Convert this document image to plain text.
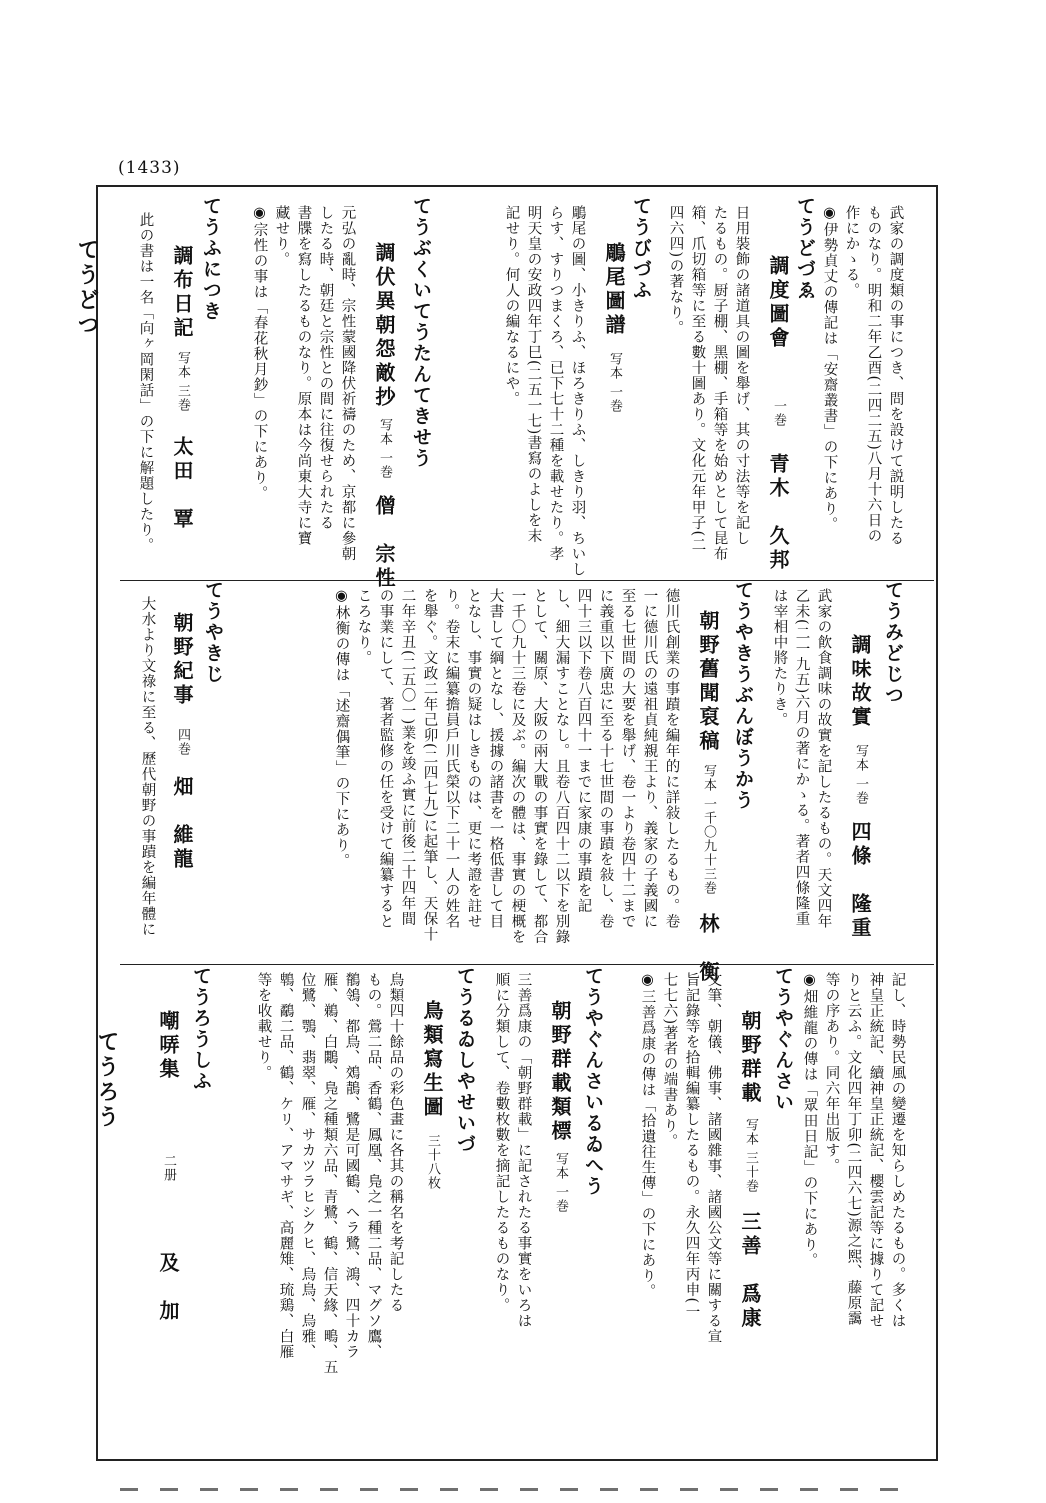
(1433)
てうどつ
てうろう
武家の調度類の事につき、問を設けて説明したる
ものなり。明和二年乙酉(二四二五)八月十六日の
作にかゝる。
◉伊勢貞丈の傳記は「安齋叢書」の下にあり。
てうどづゑ
調度圖會一巻青木　久邦
日用裝飾の諸道具の圖を舉げ、其の寸法等を記し
たるもの。厨子棚、黑棚、手箱等を始めとして昆布
箱、爪切箱等に至る數十圖あり。文化元年甲子(二
四六四)の著なり。
てうびづふ
鵰尾圖譜写本 一巻
鵰尾の圖、小きりふ、ほろきりふ、しきり羽、ちいし
らす、すりつまくろ、已下七十二種を載せたり。孝
明天皇の安政四年丁巳(二五一七)書寫のよしを末
記せり。何人の編なるにや。
てうぶくいてうたんてきせう
調伏異朝怨敵抄写本 一巻僧　宗性
元弘の亂時、宗性蒙國降伏祈禱のため、京都に參朝
したる時、朝廷と宗性との間に往復せられたる
書牒を寫したるものなり。原本は今尚東大寺に寶
藏せり。
◉宗性の事は「春花秋月鈔」の下にあり。
てうふにつき
調布日記写本 三巻太田　覃
此の書は一名「向ヶ岡閑話」の下に解題したり。
てうみどじつ
調味故實写本 一巻四條　隆重
武家の飮食調味の故實を記したるもの。天文四年
乙未(二一九五)六月の著にかゝる。著者四條隆重
は宰相中將たりき。
てうやきうぶんぼうかう
朝野舊聞裒稿写本 一千〇九十三巻林　衡
德川氏創業の事蹟を編年的に詳敍したるもの。卷
一に德川氏の遠祖貞純親王より、義家の子義國に
至る七世間の大要を舉げ、卷一より卷四十二まで
に義重以下廣忠に至る十七世間の事蹟を敍し、卷
四十三以下卷八百四十一までに家康の事蹟を記
し、細大漏すことなし。且卷八百四十二以下を別錄
として、關原、大阪の兩大戰の事實を錄して、都合
一千〇九十三卷に及ぶ。編次の體は、事實の梗概を
大書して綱となし、援據の諸書を一格低書して目
となし、事實の疑はしきものは、更に考證を註せ
り。卷末に編纂擔員戶川氏榮以下二十一人の姓名
を舉ぐ。文政二年己卯(二四七九)に起筆し、天保十
二年辛丑(二五〇一)業を竣ふ實に前後二十四年間
の事業にして、著者監修の任を受けて編纂すると
ころなり。
◉林衡の傳は「述齋偶筆」の下にあり。
てうやきじ
朝野紀事四巻畑　維龍
大水より文祿に至る、歷代朝野の事蹟を編年體に
記し、時勢民風の變遷を知らしめたるもの。多くは
神皇正統記、續神皇正統記、櫻雲記等に據りて記せ
りと云ふ。文化四年丁卯(二四六七)源之熙、藤原靄
等の序あり。同六年出版す。
◉畑維龍の傳は「眾田日記」の下にあり。
てうやぐんさい
朝野群載写本 三十巻三善　爲康
文筆、朝儀、佛事、諸國雜事、諸國公文等に關する宣
旨記錄等を拾輯編纂したるもの。永久四年丙申(一
七七六)著者の端書あり。
◉三善爲康の傳は「拾遺往生傳」の下にあり。
てうやぐんさいるゐへう
朝野群載類標写本 一巻
三善爲康の「朝野群載」に記されたる事實をいろは
順に分類して、卷數枚數を摘記したるものなり。
てうるゐしやせいづ
鳥類寫生圖三十八枚
鳥類四十餘品の彩色畫に各其の稱名を考記したる
もの。鶯二品、香鶴、鳳凰、鳬之一種二品、マグソ鷹、
鶺鴒、都鳥、鵁鶄、鷺是可國鶴、ヘラ鷺、鴻、四十カラ
雁、鵜、白鷴、鳬之種類六品、青鷺、鶴、信天緣、鴫、五
位鷺、鶚、翡翠、雁、サカツラヒシクヒ、烏鳥、烏雅、
鵯、鷸二品、鶴、ケリ、アマサギ、高麗雉、琉鶏、白雁
等を收載せり。
てうろうしふ
嘲哢集二册及　加
